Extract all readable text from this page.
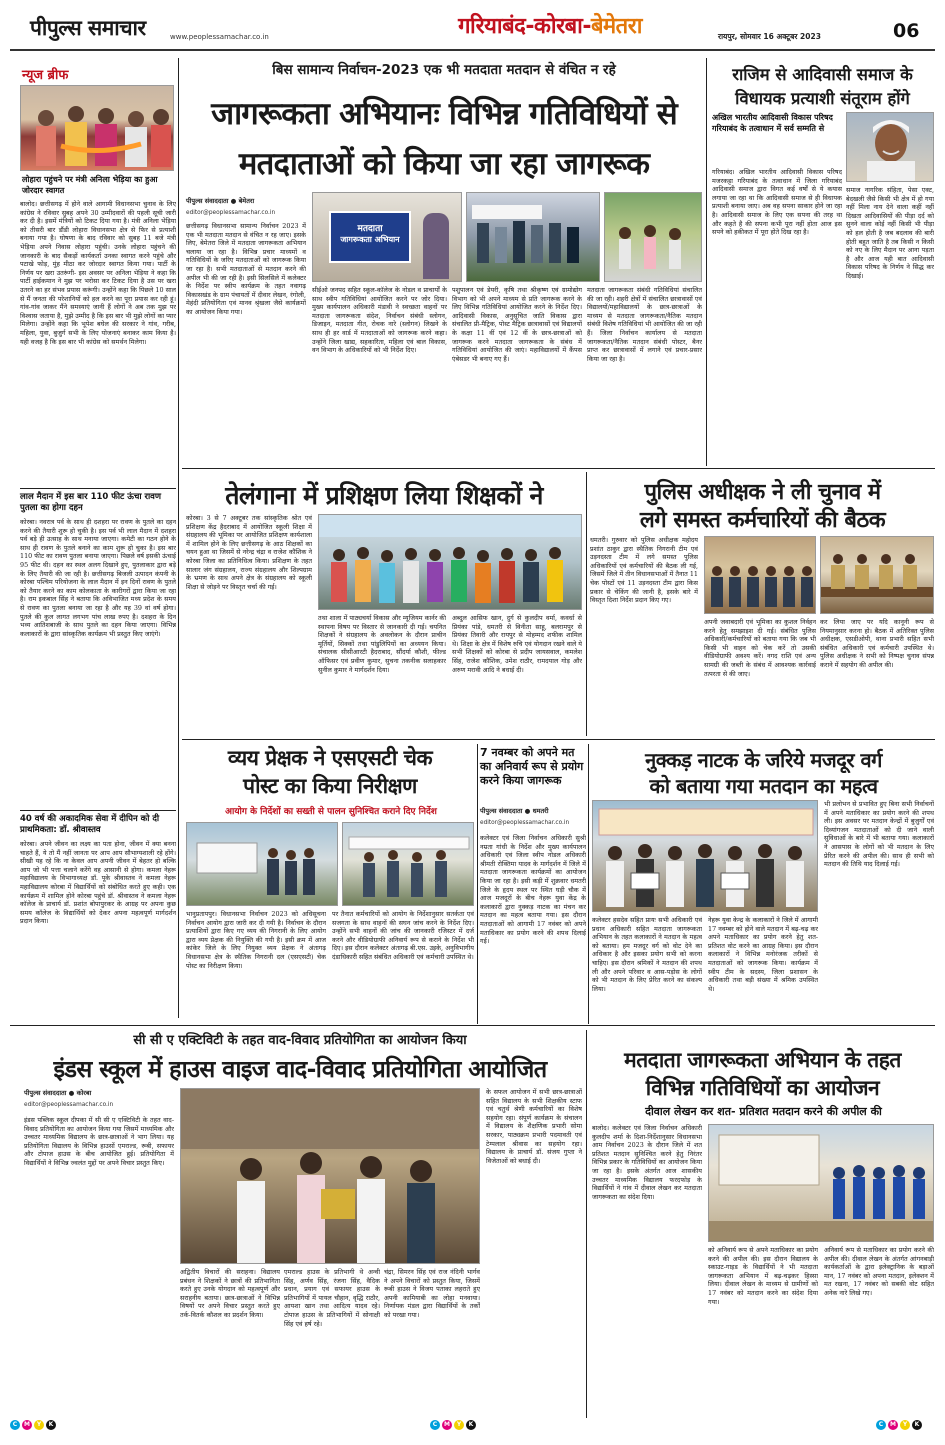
पीपुल्स समाचार	www.peoplessamachar.co.in	गरियाबंद-कोरबा-बेमेतरा	रायपुर, सोमवार 16 अक्टूबर 2023	06
न्यूज ब्रीफ
लोहारा पहुंचने पर मंत्री अनिला भेड़िया का हुआ जोरदार स्वागत
बालोद। छत्तीसगढ़ में होने वाले आगामी विधानसभा चुनाव के लिए कांग्रेस ने रविवार सुबह अपने 30 उम्मीदवारों की पहली सूची जारी कर दी है। इसमें मंत्रियों को टिकट दिया गया है। मंत्री अनिला भेड़िया को तीसरी बार डौंडी लोहारा विधानसभा क्षेत्र से फिर से प्रत्याशी बनाया गया है। घोषणा के बाद रविवार को सुबह 11 बजे मंत्री भेड़िया अपने निवास लोहारा पहुंची। उनके लोहारा पहुंचने की जानकारी के बाद सैकड़ों कार्यकर्ता उनका स्वागत करने पहुंचे और पटाखे फोड़, मुंह मीठा कर जोरदार स्वागत किया गया। पार्टी के निर्णय पर खरा उतरूंगी- इस अवसर पर अनिला भेड़िया ने कहा कि पार्टी हाईकमान ने मुझ पर भरोसा कर टिकट दिया है उस पर खरा उतरने का हर संभव प्रयास करूंगी। उन्होंने कहा कि पिछले 10 साल से मैं जनता की परेशानियों को हल करने का पूरा प्रयास कर रही हूं। गांव-गांव जाकर मैंने समस्याएं जानी हैं लोगों ने अब तक मुझ पर विश्वास जताया है, मुझे उम्मीद है कि इस बार भी मुझे लोगों का प्यार मिलेगा। उन्होंने कहा कि भूपेश बघेल की सरकार ने गांव, गरीब, महिला, युवा, बुजुर्ग सभी के लिए योजनाएं बनाकर काम किया है। यही वजह है कि इस बार भी कांग्रेस को समर्थन मिलेगा।
लाल मैदान में इस बार 110 फीट ऊंचा रावण पुतला का होगा दहन
कोरबा। नवरात्र पर्व के साथ ही दशहरा पर रावण के पुतले का दहन करने की तैयारी शुरू हो चुकी है। इस पर्व भी लाल मैदान में दशहरा पर्व बड़े ही उत्साह के साथ मनाया जाएगा। कमेटी का गठन होने के साथ ही रावण के पुतले बनाने का काम शुरू हो चुका है। इस बार 110 फीट का रावण पुतला बनाया जाएगा। पिछले वर्ष इसकी ऊंचाई 95 फीट थी। दहन का स्थल अलग दिखाने हुए, पुतलाकार द्वारा बड़े के लिए तैयारी की जा रही है। छत्तीसगढ़ बिजली उत्पादन कंपनी के कोरबा पश्चिम परियोजना के लाल मैदान में इन दिनों रावण के पुतले को तैयार करने का काम कोलकाता के कारीगरों द्वारा किया जा रहा है। राम इकबाल सिंह ने बताया कि अविभाजित मध्य प्रदेश के समय से रावण का पुतला बनाया जा रहा है और यह 39 वां वर्ष होगा। पुतले की कुल लागत लगभग पांच लाख रुपए है। दशहरा के दिन भव्य आतिशबाजी के साथ पुतले का दहन किया जाएगा। विभिन्न कलाकारों के द्वारा सांस्कृतिक कार्यक्रम भी प्रस्तुत किए जाएंगे।
40 वर्ष की अकादमिक सेवा में दीपिन को दी प्राथमिकता: डॉ. श्रीवास्तव
कोरबा। अपने जीवन का लक्ष्य का पता होना, जीवन में क्या बनना चाहते हैं, ये तो मैं नहीं जानता पर आप आप सौभाग्यशाली रहे होंगे। सीखी यह रहे कि ना केवल आप अपनी जीवन में बेहतर हो बल्कि आप जो भी पत्ता चलाने करेंगे वह आसानी से होगा। कमला नेहरू महाविद्यालय के विभागाध्यक्ष डॉ. पूके श्रीवास्तव ने कमला नेहरू महाविद्यालय कोरबा में विद्यार्थियों को संबोधित करते हुए कही। एक कार्यक्रम में शामिल होने कोरबा पहुंचे डॉ. श्रीवास्तव ने कमला नेहरू कॉलेज के प्राचार्य डॉ. प्रशांत बोपापुरकर के आग्रह पर अपना कुछ समय कॉलेज के विद्यार्थियों को देकर अपना महत्वपूर्ण मार्गदर्शन प्रदान किया।
बिस सामान्य निर्वाचन-2023 एक भी मतदाता मतदान से वंचित न रहे
जागरूकता अभियानः विभिन्न गतिविधियों से
मतदाताओं को किया जा रहा जागरूक
पीपुल्स संवाददाता ● बेमेतरा
editor@peoplessamachar.co.in
मतदाता
जागरूकता अभियान
छत्तीसगढ़ विधानसभा सामान्य निर्वाचन 2023 में एक भी मतदाता मतदान से वंचित न रह जाए। इसके लिए, बेमेतरा जिले में मतदाता जागरूकता अभियान चलाया जा रहा है। विभिन्न प्रचार माध्यमों व गतिविधियों के जरिए मतदाताओं को जागरूक किया जा रहा है। सभी मतदाताओं से मतदान करने की अपील भी की जा रही है। इसी सिलसिले में कलेक्टर के निर्देश पर स्वीप कार्यक्रम के तहत नवागढ़ विकासखंड के ग्राम पंचायतों में दीवार लेखन, रंगोली, मेहंदी प्रतियोगिता एवं मानव श्रृंखला जैसे कार्यक्रमों का आयोजन किया गया।
सीईओ जनपद सहित स्कूल-कॉलेज के नोडल व प्राचार्यों के साथ स्वीप गतिविधियां आयोजित करने पर जोर दिया। मुख्य कार्यपालन अधिकारी मंडावी ने स्वच्छता वाहनों पर मतदाता जागरूकता संदेश, निर्वाचन संबंधी स्लोगन, डिजाइन, मतदाता गीत, रोचक नारे (स्लोगन) लिखने के साथ ही हर वार्ड में मतदाताओं को जागरूक करने कहा। उन्होंने जिला खाद्य, सहकारिता, महिला एवं बाल विकास, वन विभाग के अधिकारियों को भी निर्देश दिए।
पशुपालन एवं डेयरी, कृषि तथा श्रीकृष्ण एवं ग्रामोद्योग विभाग को भी अपने माध्यम से प्रति जागरूक करने के लिए विभिन्न गतिविधियां आयोजित करने के निर्देश दिए। आदिवासी विकास, अनुसूचित जाति विकास द्वारा संचालित प्री-मैट्रिक, पोस्ट मैट्रिक छात्रावासों एवं विद्यालयों के कक्षा 11 वीं एवं 12 वीं के छात्र-छात्राओं को जागरूक करने मतदाता जागरूकता के संबंध में गतिविधियां आयोजित की जाएं। महाविद्यालयों में कैंपस एंबेसडर भी बनाए गए हैं।
मतदाता जागरूकता संबंधी गतिविधियां संचालित की जा रही। शहरी क्षेत्रों में संचालित छात्रावासों एवं विद्यालयों/महाविद्यालयों के छात्र-छात्राओं के माध्यम से मतदाता जागरूकता/नैतिक मतदान संबंधी विशेष गतिविधियां भी आयोजित की जा रही हैं। जिला निर्वाचन कार्यालय से मतदाता जागरूकता/नैतिक मतदान संबंधी पोस्टर, बैनर प्राप्त कर छात्रावासों में लगाने एवं प्रचार-प्रसार किया जा रहा है।
राजिम से आदिवासी समाज के
विधायक प्रत्याशी संतूराम होंगे
अखिल भारतीय आदिवासी विकास परिषद गरियाबंद के तत्वाधान में सर्व सम्मति से
गरियाबंद। अखिल भारतीय आदिवासी विकास परिषद मजरकट्टा गरियाबंद के तत्वाधान में जिला गरियाबंद आदिवासी समाज द्वारा विगत कई वर्षों से ये कयास लगाया जा रहा था कि आदिवासी समाज से ही विधायक प्रत्याशी बनाया जाए। अब वह सपना साकार होने जा रहा है। आदिवासी समाज के लिए एक सपना की तरह था और कहते है की सपना कभी पूरा नहीं होता आज इस सपने को हकीकत में पूरा होते दिख रहा है।
समाज नागरिक संहिता, पेसा एक्ट, बेदखली जैसे किसी भी क्षेत्र में हो गया नहीं मिला नाय देने वाला कहीं नहीं दिखता आदिवासियों की पीड़ा दर्द को सुनने वाला कोई नहीं किसी भी पीड़ा को हल होती है जब बदलाव की बारी होती बहुत जाति है तब किसी न किसी को नए के लिए मैदान पर आना पड़ता है और आज यही बात आदिवासी विकास परिषद के निर्णय ने सिद्ध कर दिखाई।
तेलंगाना में प्रशिक्षण लिया शिक्षकों ने
कोरबा। 3 से 7 अक्टूबर तक सांस्कृतिक श्रोत एवं प्रशिक्षण केंद्र हैदराबाद में आयोजित स्कूली शिक्षा में संग्रहालय की भूमिका पर आयोजित प्रशिक्षण कार्यशाला में शामिल होने के लिए छत्तीसगढ़ के आठ शिक्षकों का चयन हुआ था जिसमें से नरेन्द्र चंद्रा व राजेश कौशिक ने कोरबा जिला का प्रतिनिधित्व किया। प्रशिक्षण के तहत सालार जंग संग्रहालय, राज्य संग्रहालय और शिल्पग्राम के भ्रमण के साथ अपने क्षेत्र के संग्रहालय को स्कूली शिक्षा से जोड़ने पर विस्तृत चर्चा की गई।
तथा शाला में पाठ्यचर्या विकास और म्यूजियम कार्नर की स्थापना विषय पर विस्तार से जानकारी दी गई। चयनित शिक्षकों ने संग्रहालय के अवलोकन के दौरान प्राचीन मूर्तियों, सिक्कों तथा पांडुलिपियों का अध्ययन किया। संचालक सीसीआरटी हैदराबाद, सौंदर्या कौशी, फील्ड ऑफिसर एवं प्रवीण कुमार, सुचना तकनीक सलाहकार सुनील कुमार ने मार्गदर्शन दिया।
अब्दुल आसिफ खान, दुर्ग से कुलदीप वर्मा, कवर्धा से प्रियंका पांडे, धमतरी से विनीता साहू, बलरामपुर से प्रियंका तिवारी और रायपुर से मोहम्मद शफीक शामिल थे। शिक्षा के क्षेत्र में विशेष रुचि एवं योगदान रखने वाले ये सभी शिक्षकों को कोरबा से प्रदीप जायसवाल, कमलेश सिंह, राजेश कौशिक, उमेश राठौर, रामदयाल गोड़ और अरुण मरावी आदि ने बधाई दी।
पुलिस अधीक्षक ने ली चुनाव में
लगे समस्त कर्मचारियों की बैठक
धमतरी। गुरुवार को पुलिस अधीक्षक महोदय प्रशांत ठाकुर द्वारा स्थैतिक निगरानी टीम एवं उड़नदस्ता टीम में लगे समस्त पुलिस अधिकारियों एवं कर्मचारियों की बैठक ली गई, जिसमें जिले में तीन विधानसभाओं में तैनात 11 चेक पोस्टों एवं 11 उड़नदस्ता टीम द्वारा किस प्रकार से चेकिंग की जानी है, इसके बारे में विस्तृत दिशा निर्देश प्रदान किए गए।
अपनी जवाबदारी एवं भूमिका का कुशल निर्वहन करने हेतु समझाइश दी गई। संबंधित पुलिस अधिकारी/कर्मचारियों को बताया गया कि जब भी किसी भी वाहन को चेक करें तो उसकी वीडियोग्राफी अवश्य करें। नगद राशि एवं अन्य सामग्री की जब्ती के संबंध में आवश्यक कार्रवाई तत्परता से की जाए।
कर लिया जाए पर यदि कानूनी रूप से नियमानुसार करना हो। बैठक में अतिरिक्त पुलिस अधीक्षक, एसडीओपी, थाना प्रभारी सहित सभी संबंधित अधिकारी एवं कर्मचारी उपस्थित थे। पुलिस अधीक्षक ने सभी को निष्पक्ष चुनाव संपन्न कराने में सहयोग की अपील की।
व्यय प्रेक्षक ने एसएसटी चेक
पोस्ट का किया निरीक्षण
आयोग के निर्देशों का सख्ती से पालन सुनिश्चित कराने दिए निर्देश
भानुप्रतापपुर। विधानसभा निर्वाचन 2023 को अधिसूचना निर्वाचन आयोग द्वारा जारी कर दी गयी है। निर्वाचन के दौरान प्रत्याशियों द्वारा किए गए व्यय की निगरानी के लिए आयोग द्वारा व्यय प्रेक्षक की नियुक्ति की गयी है। इसी क्रम में आज कांकेर जिले के लिए नियुक्त व्यय प्रेक्षक ने अंतागढ़ विधानसभा क्षेत्र के स्थैतिक निगरानी दल (एसएसटी) चेक पोस्ट का निरीक्षण किया।
पर तैनात कर्मचारियों को आयोग के निर्देशानुसार सतर्कता एवं सजगता के साथ वाहनों की सघन जांच करने के निर्देश दिए। उन्होंने सभी वाहनों की जांच की जानकारी रजिस्टर में दर्ज करने और वीडियोग्राफी अनिवार्य रूप से कराने के निर्देश भी दिए। इस दौरान कलेक्टर अंतागढ़ बी.एस. उइके, अनुविभागीय दंडाधिकारी सहित संबंधित अधिकारी एवं कर्मचारी उपस्थित थे।
7 नवम्बर को अपने मत का अनिवार्य रूप से प्रयोग करने किया जागरूक
पीपुल्स संवाददाता ● धमतरी
editor@peoplessamachar.co.in
कलेक्टर एवं जिला निर्वाचन अधिकारी सुश्री नम्रता गांधी के निर्देश और मुख्य कार्यपालन अधिकारी एवं जिला स्वीप नोडल अधिकारी श्रीमती रोक्तिमा यादव के मार्गदर्शन में जिले में मतदाता जागरूकता कार्यक्रमों का आयोजन किया जा रहा है। इसी कड़ी में शुक्रवार धमतरी जिले के हृदय स्थल पर स्थित घड़ी चौक में आज मजदूरों के बीच नेहरू युवा केंद्र के कलाकारों द्वारा नुक्कड़ नाटक का मंचन कर मतदान का महत्व बताया गया। इस दौरान मतदाताओं को आगामी 17 नवंबर को अपने मताधिकार का प्रयोग करने की शपथ दिलाई गई।
नुक्कड़ नाटक के जरिये मजदूर वर्ग
को बताया गया मतदान का महत्व
कलेक्टर हसदेव सहित प्रायः सभी अधिकारी एवं प्रधान अधिकारी सहित मतदाता जागरूकता अभियान के तहत कलाकारों ने मतदान के महत्व को बताया। हम मजदूर वर्ग को वोट देने का अधिकार है और इसका प्रयोग सभी को करना चाहिए। इस दौरान श्रमिकों ने मतदान की शपथ ली और अपने परिवार व आस-पड़ोस के लोगों को भी मतदान के लिए प्रेरित करने का संकल्प लिया।
नेहरू युवा केन्द्र के कलाकारों ने जिले में आगामी 17 नवम्बर को होने वाले मतदान में बढ़-चढ़ कर अपने मताधिकार का प्रयोग करने हेतु शत-प्रतिशत वोट करने का आग्रह किया। इस दौरान कलाकारों ने विभिन्न मनोरंजक तरीकों से मतदाताओं को जागरूक किया। कार्यक्रम में स्वीप टीम के सदस्य, जिला प्रशासन के अधिकारी तथा बड़ी संख्या में श्रमिक उपस्थित थे।
भी प्रलोभन से प्रभावित हुए बिना सभी निर्वाचनों में अपने मताधिकार का प्रयोग करने की शपथ ली। इस अवसर पर मतदान केन्द्रों में बुजुर्गों एवं दिव्यांगजन मतदाताओं को दी जाने वाली सुविधाओं के बारे में भी बताया गया। कलाकारों ने आसपास के लोगों को भी मतदान के लिए प्रेरित करने की अपील की। साथ ही सभी को मतदान की तिथि याद दिलाई गई।
सी सी ए एक्टिविटी के तहत वाद-विवाद प्रतियोगिता का आयोजन किया
इंडस स्कूल में हाउस वाइज वाद-विवाद प्रतियोगिता आयोजित
पीपुल्स संवाददाता ● कोरबा
editor@peoplessamachar.co.in
इंडस पब्लिक स्कूल दीपका में सी सी ए एक्टिविटी के तहत वाद-विवाद प्रतियोगिता का आयोजन किया गया जिसमें माध्यमिक और उच्चतर माध्यमिक विद्यालय के छात्र-छात्राओं ने भाग लिया। यह प्रतियोगिता विद्यालय के विभिन्न हाउसों एमराल्ड, रूबी, सफायर और टोपाज हाउस के बीच आयोजित हुई। प्रतियोगिता में विद्यार्थियों ने विभिन्न ज्वलंत मुद्दों पर अपने विचार प्रस्तुत किए।
अद्वितीय विचारों की सराहना। विद्यालय प्रबंधन ने शिक्षकों ने छात्रों की प्रतिभागिता करते हुए उनके योगदान को महत्वपूर्ण और सराहनीय बताया। छात्र-छात्राओं ने विभिन्न विषयों पर अपने विचार प्रस्तुत करते हुए तर्क-वितर्क कौशल का प्रदर्शन किया।
एमराल्ड हाउस के प्रतिभागी थे अन्वी सिंह, अर्णव सिंह, रंजना सिंह, वैदिक प्रधान, प्रयाग एवं सफायर हाउस के प्रतिभागियों में पायल चौहान, वृद्धि राठौर, आयशा खान तथा आदित्य यादव रहे। टोपाज हाउस के प्रतिभागियों में सोनाक्षी सिंह एवं हर्ष रहे।
चंद्रा, सिमरन सिंह एवं राज नंदिनी भार्गव ने अपने विचारों को प्रस्तुत किया, जिसमें रूबी हाउस ने विजय पताका लहराते हुए अपनी कामियाबी का लोहा मनवाया। निर्णायक मंडल द्वारा विद्यार्थियों के तर्कों को परखा गया।
के सफल आयोजन में सभी छात्र-छात्राओं सहित विद्यालय के सभी शिक्षकीय स्टाफ एवं चतुर्थ श्रेणी कर्मचारियों का विशेष सहयोग रहा। संपूर्ण कार्यक्रम के संचालन में विद्यालय के शैक्षणिक प्रभारी सोमा सरकार, पाठ्यक्रम प्रभारी पदमावती एवं टेम्पलाल श्रीवास का सहयोग रहा। विद्यालय के प्राचार्य डॉ. संजय गुप्ता ने विजेताओं को बधाई दी।
मतदाता जागरूकता अभियान के तहत
विभिन्न गतिविधियों का आयोजन
दीवाल लेखन कर शत- प्रतिशत मतदान करने की अपील की
बालोद। कलेक्टर एवं जिला निर्वाचन अधिकारी कुलदीप शर्मा के दिशा-निर्देशानुसार विधानसभा आम निर्वाचन 2023 के दौरान जिले में शत प्रतिशत मतदान सुनिश्चित करने हेतु निरंतर विभिन्न प्रकार के गतिविधियों का आयोजन किया जा रहा है। इसके अंतर्गत आज शासकीय उच्चतर माध्यमिक विद्यालय फरदफोड़ के विद्यार्थियों ने गांव में दीवाल लेखन कर मतदाता जागरूकता का संदेश दिया।
को अनिवार्य रूप से अपने मताधिकार का प्रयोग करने की अपील की। इस दौरान विद्यालय के स्काउट-गाइड के विद्यार्थियों ने भी मतदाता जागरूकता अभियान में बढ़-चढ़कर हिस्सा लिया। दीवाल लेखन के माध्यम से ग्रामीणों को 17 नवंबर को मतदान करने का संदेश दिया गया।
अनिवार्य रूप से मताधिकार का प्रयोग करने की अपील की। दीवाल लेखन के अंतर्गत आंगनबाड़ी कार्यकर्ताओं के द्वारा इलेक्ट्रानिक के बड़ाओं मान, 17 नवंबर को अपना मतदान, इलेक्शन में मत रखना, 17 नवंबर को सबकी वोट सहित अनेक नारे लिखे गए।
C	M	Y	K	C	M	Y	K	C	M	Y	K
